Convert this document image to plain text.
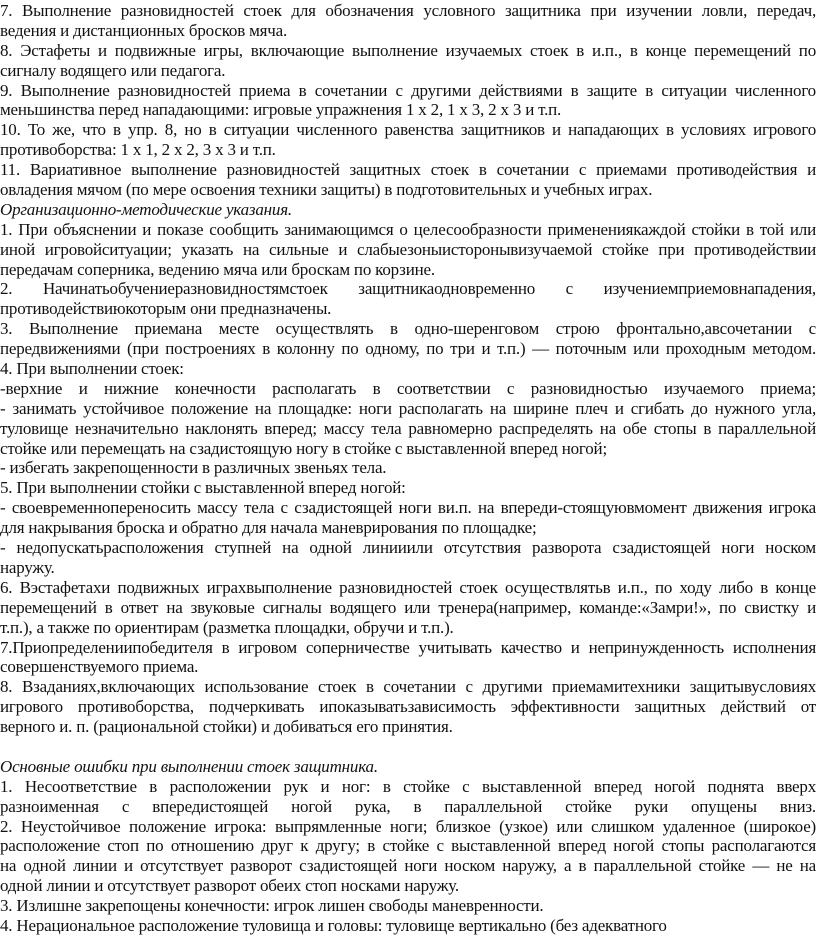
7. Выполнение разновидностей стоек для обозначения условного защитника при изучении ловли, передач,
ведения и дистанционных бросков мяча.
8. Эстафеты и подвижные игры, включающие выполнение изучаемых стоек в и.п., в конце перемещений по
сигналу водящего или педагога.
9. Выполнение разновидностей приема в сочетании с другими действиями в защите в ситуации численного
меньшинства перед нападающими: игровые упражнения 1 х 2, 1 х 3, 2 х 3 и т.п.
10. То же, что в упр. 8, но в ситуации численного равенства защитников и нападающих в условиях игрового
противоборства: 1 х 1, 2 х 2, 3 х 3 и т.п.
11. Вариативное выполнение разновидностей защитных стоек в сочетании с приемами противодействия и
овладения мячом (по мере освоения техники защиты) в подготовительных и учебных играх.
Организационно-методические указания.
1. При объяснении и показе сообщить занимающимся о целесообразности применениякаждой стойки в той или
иной игровойситуации; указать на сильные и слабыезоныисторонывизучаемой стойке при противодействии
передачам соперника, ведению мяча или броскам по корзине.
2. Начинатьобучениеразновидностямстоек защитникаодновременно с изучениемприемовнападения,
противодействиюкоторым они предназначены.
3. Выполнение приемана месте осуществлять в одно-шеренговом строю фронтально,авсочетании с
передвижениями (при построениях в колонну по одному, по три и т.п.) — поточным или проходным методом.
4. При выполнении стоек:
-верхние и нижние конечности располагать в соответствии с разновидностью изучаемого приема;
- занимать устойчивое положение на площадке: ноги располагать на ширине плеч и сгибать до нужного угла,
туловище незначительно наклонять вперед; массу тела равномерно распределять на обе стопы в параллельной
стойке или перемещать на сзадистоящую ногу в стойке с выставленной вперед ногой;
- избегать закрепощенности в различных звеньях тела.
5. При выполнении стойки с выставленной вперед ногой:
- своевременнопереносить массу тела с сзадистоящей ноги ви.п. на впереди-стоящуювмомент движения игрока
для накрывания броска и обратно для начала маневрирования по площадке;
- недопускатьрасположения ступней на одной линииили отсутствия разворота сзадистоящей ноги носком
наружу.
6. Вэстафетахи подвижных играхвыполнение разновидностей стоек осуществлятьв и.п., по ходу либо в конце
перемещений в ответ на звуковые сигналы водящего или тренера(например, команде:«Замри!», по свистку и
т.п.), а также по ориентирам (разметка площадки, обручи и т.п.).
7.Приопределениипобедителя в игровом соперничестве учитывать качество и непринужденность исполнения
совершенствуемого приема.
8. Взаданиях,включающих использование стоек в сочетании с другими приемамитехники защитывусловиях
игрового противоборства, подчеркивать ипоказыватьзависимость эффективности защитных действий от
верного и. п. (рациональной стойки) и добиваться его принятия.
Основные ошибки при выполнении стоек защитника.
1. Несоответствие в расположении рук и ног: в стойке с выставленной вперед ногой поднята вверх
разноименная с впередистоящей ногой рука, в параллельной стойке руки опущены вниз.
2. Неустойчивое положение игрока: выпрямленные ноги; близкое (узкое) или слишком удаленное (широкое)
расположение стоп по отношению друг к другу; в стойке с выставленной вперед ногой стопы располагаются
на одной линии и отсутствует разворот сзадистоящей ноги носком наружу, а в параллельной стойке — не на
одной линии и отсутствует разворот обеих стоп носками наружу.
3. Излишне закрепощены конечности: игрок лишен свободы маневренности.
4. Нерациональное расположение туловища и головы: туловище вертикально (без адекватного
